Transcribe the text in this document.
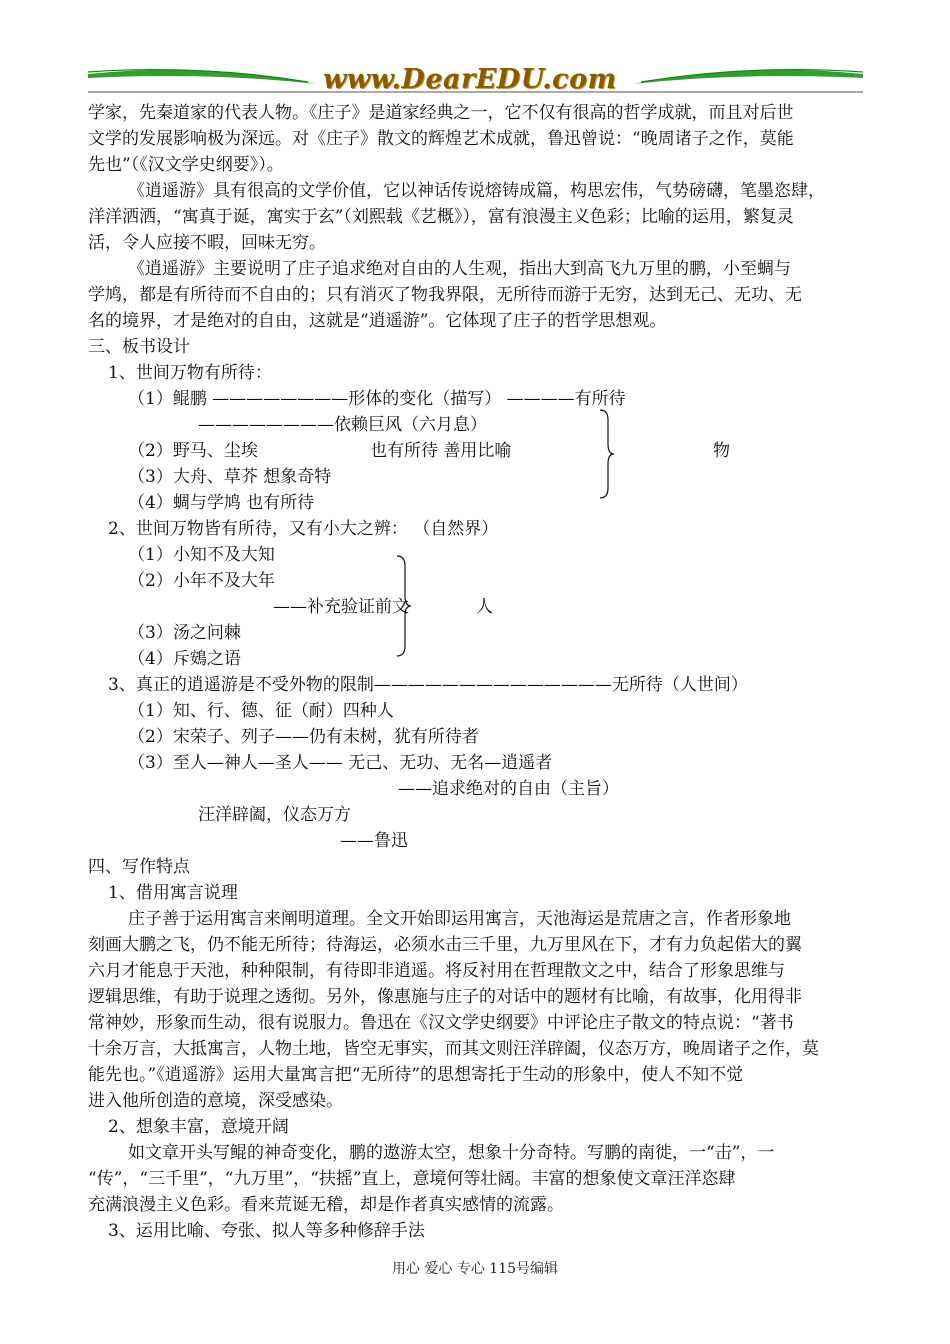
www.DearEDU.com
学家，先秦道家的代表人物。《庄子》是道家经典之一，它不仅有很高的哲学成就，而且对后世
文学的发展影响极为深远。对《庄子》散文的辉煌艺术成就，鲁迅曾说：“晚周诸子之作，莫能
先也”（《汉文学史纲要》）。
《逍遥游》具有很高的文学价值，它以神话传说熔铸成篇，构思宏伟，气势磅礴，笔墨恣肆，
洋洋洒洒，“寓真于诞，寓实于玄”（刘熙载《艺概》），富有浪漫主义色彩；比喻的运用，繁复灵
活，令人应接不暇，回味无穷。
《逍遥游》主要说明了庄子追求绝对自由的人生观，指出大到高飞九万里的鹏，小至蜩与
学鸠，都是有所待而不自由的；只有消灭了物我界限，无所待而游于无穷，达到无己、无功、无
名的境界，才是绝对的自由，这就是“逍遥游”。它体现了庄子的哲学思想观。
三、板书设计
1、世间万物有所待：
（1）鲲鹏 ————————形体的变化（描写） ————有所待
————————依赖巨风（六月息）
（2）野马、尘埃	也有所待 善用比喻	物
（3）大舟、草芥 想象奇特
（4）蜩与学鸠 也有所待
2、世间万物皆有所待，又有小大之辨： （自然界）
（1）小知不及大知
（2）小年不及大年
——补充验证前文	人
（3）汤之问棘
（4）斥鴳之语
3、真正的逍遥游是不受外物的限制——————————————无所待（人世间）
（1）知、行、德、征（耐）四种人
（2）宋荣子、列子——仍有未树，犹有所待者
（3）至人—神人—圣人—— 无己、无功、无名—逍遥者
——追求绝对的自由（主旨）
汪洋辟阖，仪态万方
——鲁迅
四、写作特点
1、借用寓言说理
庄子善于运用寓言来阐明道理。全文开始即运用寓言，天池海运是荒唐之言，作者形象地
刻画大鹏之飞，仍不能无所待；待海运，必须水击三千里，九万里风在下，才有力负起偌大的翼
六月才能息于天池，种种限制，有待即非逍遥。将反衬用在哲理散文之中，结合了形象思维与
逻辑思维，有助于说理之透彻。另外，像惠施与庄子的对话中的题材有比喻，有故事，化用得非
常神妙，形象而生动，很有说服力。鲁迅在《汉文学史纲要》中评论庄子散文的特点说：“著书
十余万言，大抵寓言，人物土地，皆空无事实，而其文则汪洋辟阖，仪态万方，晚周诸子之作，莫
能先也。”《逍遥游》运用大量寓言把“无所待”的思想寄托于生动的形象中，使人不知不觉
进入他所创造的意境，深受感染。
2、想象丰富，意境开阔
如文章开头写鲲的神奇变化，鹏的遨游太空，想象十分奇特。写鹏的南徙，一“击”，一
“传”，“三千里”，“九万里”，“扶摇”直上，意境何等壮阔。丰富的想象使文章汪洋恣肆
充满浪漫主义色彩。看来荒诞无稽，却是作者真实感情的流露。
3、运用比喻、夸张、拟人等多种修辞手法
用心 爱心 专心 115号编辑
